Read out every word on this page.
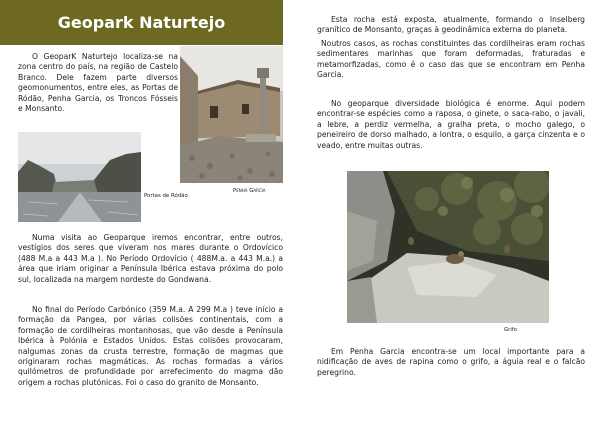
Geopark Naturtejo

O GeoparK Naturtejo localiza-se na zona centro do país, na região de Castelo Branco. Dele fazem parte diversos geomonumentos, entre eles, as Portas de Ródão, Penha Garcia, os Troncos Fósseis e Monsanto.

Portas de Ródão
Penha Garcia

Numa visita ao Geoparque iremos encontrar, entre outros, vestígios dos seres que viveram nos mares durante o Ordovícico (488 M.a a 443 M.a ). No Período Ordovício ( 488M.a. a 443 M.a.) a área que iriam originar a Península Ibérica estava próxima do polo sul, localizada na margem nordeste do Gondwana.

No final do Período Carbónico (359 M.a. A 299 M.a ) teve início a formação da Pangea, por várias colisões continentais, com a formação de cordilheiras montanhosas, que vão desde a Península Ibérica à Polónia e Estados Unidos. Estas colisões provocaram, nalgumas zonas da crusta terrestre, formação de magmas que originaram rochas magmáticas. As rochas formadas a vários quilómetros de profundidade por arrefecimento do magma dão origem a rochas plutónicas. Foi o caso do granito de Monsanto.

Esta rocha está exposta, atualmente, formando o Inselberg granítico de Monsanto, graças à geodinâmica externa do planeta.

Noutros casos, as rochas constituintes das cordilheiras eram rochas sedimentares marinhas que foram deformadas, fraturadas e metamorfizadas, como é o caso das que se encontram em Penha Garcia.

No geoparque diversidade biológica é enorme. Aqui podem encontrar-se espécies como a raposa, o ginete, o saca-rabo, o javali, a lebre, a perdiz vermelha, a gralha preta, o mocho galego, o peneireiro de dorso malhado, a lontra, o esquilo, a garça cinzenta e o veado, entre muitas outras.

Grifo

Em Penha Garcia encontra-se um local importante para a nidificação de aves de rapina como o grifo, a águia real e o falcão peregrino.
